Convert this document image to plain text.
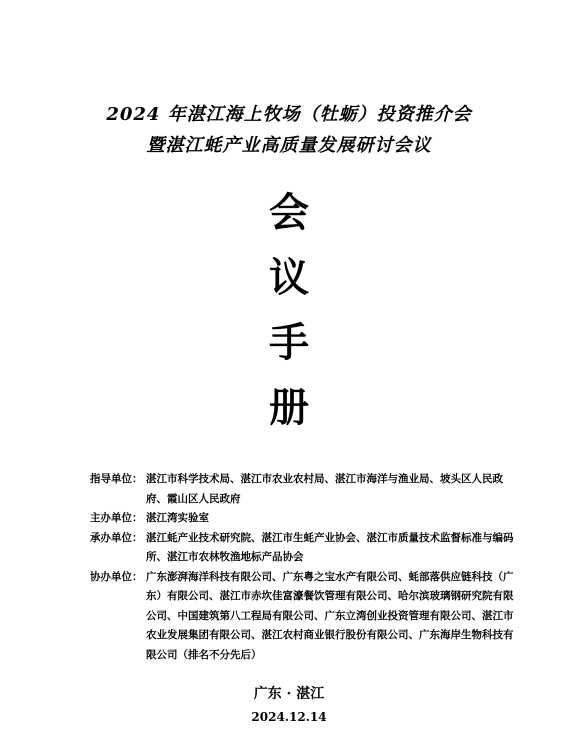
2024 年湛江海上牧场（牡蛎）投资推介会
暨湛江蚝产业高质量发展研讨会议
会
议
手
册
指导单位： 湛江市科学技术局、湛江市农业农村局、湛江市海洋与渔业局、坡头区人民政府、霞山区人民政府
主办单位： 湛江湾实验室
承办单位： 湛江蚝产业技术研究院、湛江市生蚝产业协会、湛江市质量技术监督标准与编码所、湛江市农林牧渔地标产品协会
协办单位： 广东澎湃海洋科技有限公司、广东粤之宝水产有限公司、蚝部落供应链科技（广东）有限公司、湛江市赤坎佳富濠餐饮管理有限公司、哈尔滨玻璃钢研究院有限公司、中国建筑第八工程局有限公司、广东立湾创业投资管理有限公司、湛江市农业发展集团有限公司、湛江农村商业银行股份有限公司、广东海岸生物科技有限公司（排名不分先后）
广东 · 湛江
2024.12.14
